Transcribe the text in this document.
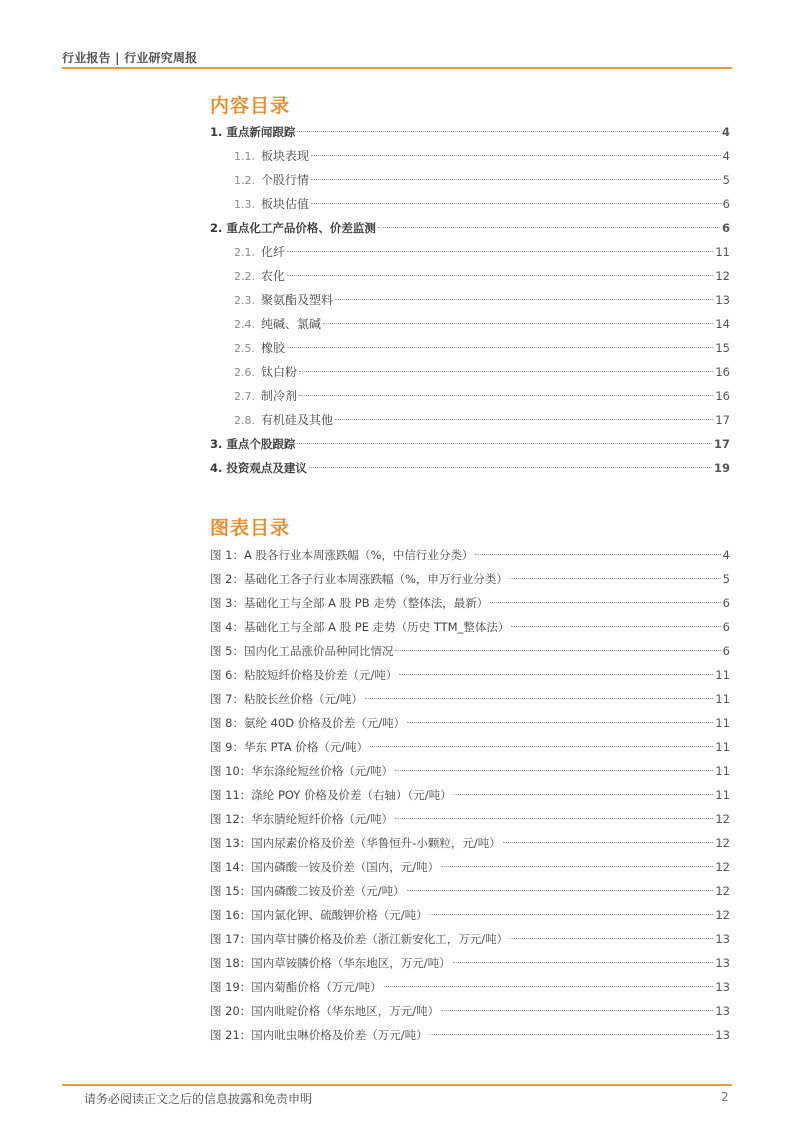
行业报告 | 行业研究周报
内容目录
1. 重点新闻跟踪	4
1.1. 板块表现	4
1.2. 个股行情	5
1.3. 板块估值	6
2. 重点化工产品价格、价差监测	6
2.1. 化纤	11
2.2. 农化	12
2.3. 聚氨酯及塑料	13
2.4. 纯碱、氯碱	14
2.5. 橡胶	15
2.6. 钛白粉	16
2.7. 制冷剂	16
2.8. 有机硅及其他	17
3. 重点个股跟踪	17
4. 投资观点及建议	19
图表目录
图 1：A 股各行业本周涨跌幅（%，中信行业分类）	4
图 2：基础化工各子行业本周涨跌幅（%，申万行业分类）	5
图 3：基础化工与全部 A 股 PB 走势（整体法，最新）	6
图 4：基础化工与全部 A 股 PE 走势（历史 TTM_整体法）	6
图 5：国内化工品涨价品种同比情况	6
图 6：粘胶短纤价格及价差（元/吨）	11
图 7：粘胶长丝价格（元/吨）	11
图 8：氨纶 40D 价格及价差（元/吨）	11
图 9：华东 PTA 价格（元/吨）	11
图 10：华东涤纶短丝价格（元/吨）	11
图 11：涤纶 POY 价格及价差（右轴）（元/吨）	11
图 12：华东腈纶短纤价格（元/吨）	12
图 13：国内尿素价格及价差（华鲁恒升-小颗粒，元/吨）	12
图 14：国内磷酸一铵及价差（国内，元/吨）	12
图 15：国内磷酸二铵及价差（元/吨）	12
图 16：国内氯化钾、硫酸钾价格（元/吨）	12
图 17：国内草甘膦价格及价差（浙江新安化工，万元/吨）	13
图 18：国内草铵膦价格（华东地区，万元/吨）	13
图 19：国内菊酯价格（万元/吨）	13
图 20：国内吡啶价格（华东地区，万元/吨）	13
图 21：国内吡虫啉价格及价差（万元/吨）	13
请务必阅读正文之后的信息披露和免责申明	2
